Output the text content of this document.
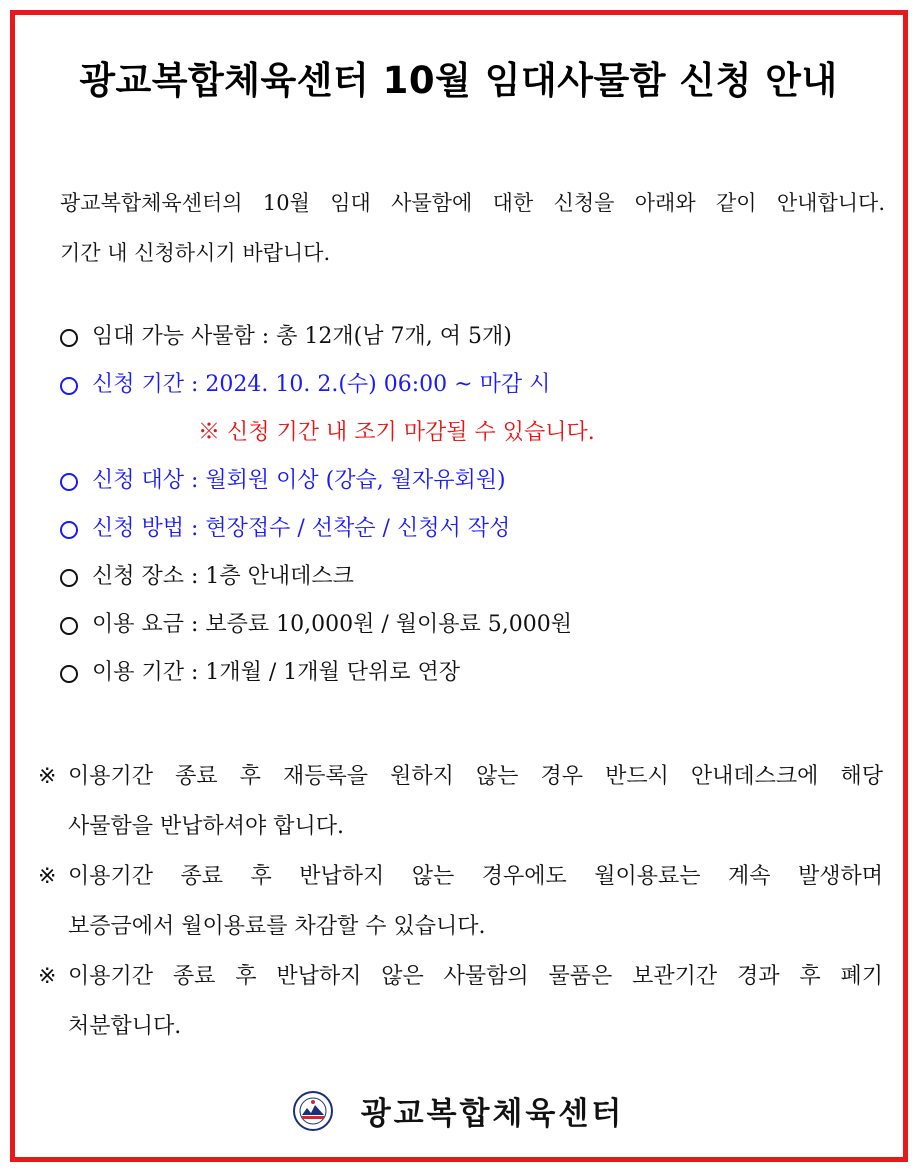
광교복합체육센터 10월 임대사물함 신청 안내
광교복합체육센터의 10월 임대 사물함에 대한 신청을 아래와 같이 안내합니다.
기간 내 신청하시기 바랍니다.
임대 가능 사물함 : 총 12개(남 7개, 여 5개)
신청 기간 : 2024. 10. 2.(수) 06:00 ~ 마감 시
※ 신청 기간 내 조기 마감될 수 있습니다.
신청 대상 : 월회원 이상 (강습, 월자유회원)
신청 방법 : 현장접수 / 선착순 / 신청서 작성
신청 장소 : 1층 안내데스크
이용 요금 : 보증료 10,000원 / 월이용료 5,000원
이용 기간 : 1개월 / 1개월 단위로 연장
※ 이용기간 종료 후 재등록을 원하지 않는 경우 반드시 안내데스크에 해당
사물함을 반납하셔야 합니다.
※ 이용기간 종료 후 반납하지 않는 경우에도 월이용료는 계속 발생하며
보증금에서 월이용료를 차감할 수 있습니다.
※ 이용기간 종료 후 반납하지 않은 사물함의 물품은 보관기간 경과 후 폐기
처분합니다.
광교복합체육센터
